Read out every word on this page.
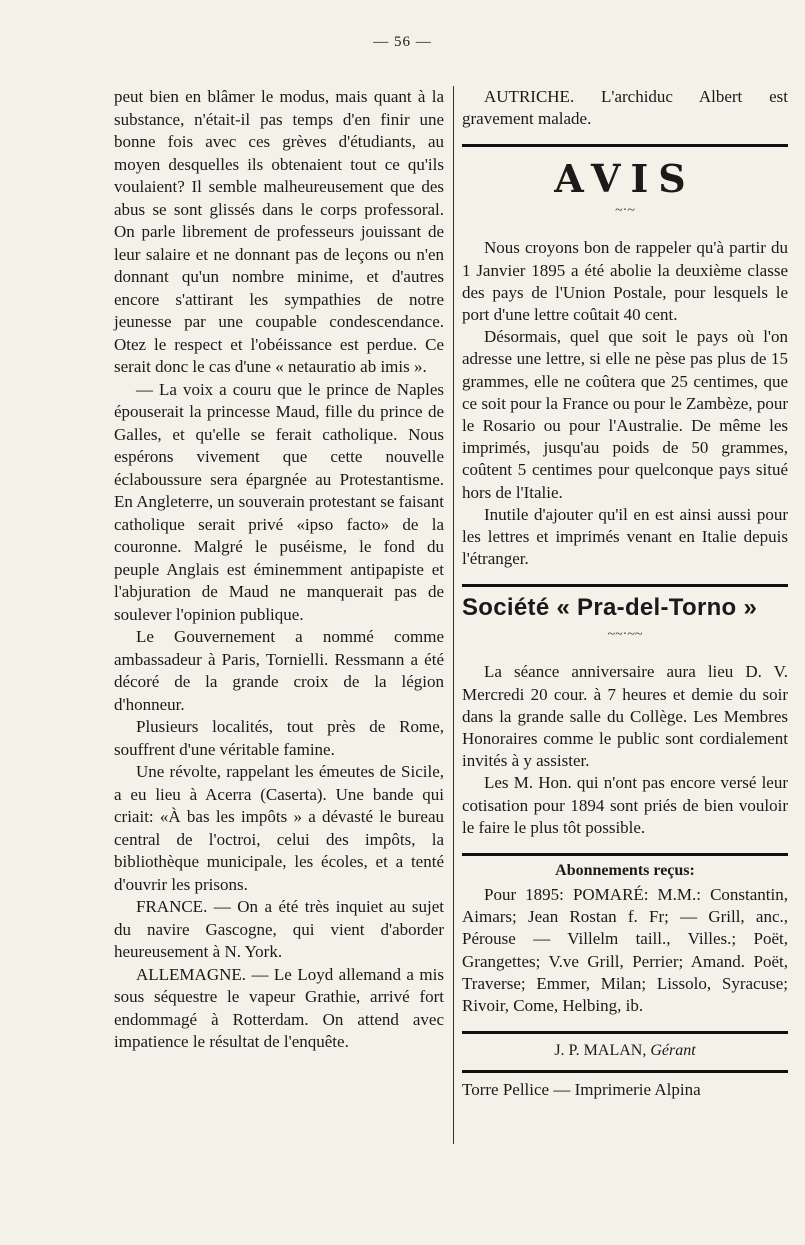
— 56 —

peut bien en blâmer le modus, mais quant à la substance, n'était-il pas temps d'en finir une bonne fois avec ces grèves d'étudiants, au moyen desquelles ils obtenaient tout ce qu'ils voulaient? Il semble malheureusement que des abus se sont glissés dans le corps professoral. On parle librement de professeurs jouissant de leur salaire et ne donnant pas de leçons ou n'en donnant qu'un nombre minime, et d'autres encore s'attirant les sympathies de notre jeunesse par une coupable condescendance. Otez le respect et l'obéissance est perdue. Ce serait donc le cas d'une « netauratio ab imis ».

— La voix a couru que le prince de Naples épouserait la princesse Maud, fille du prince de Galles, et qu'elle se ferait catholique. Nous espérons vivement que cette nouvelle éclaboussure sera épargnée au Protestantisme. En Angleterre, un souverain protestant se faisant catholique serait privé «ipso facto» de la couronne. Malgré le puséisme, le fond du peuple Anglais est éminemment antipapiste et l'abjuration de Maud ne manquerait pas de soulever l'opinion publique.

Le Gouvernement a nommé comme ambassadeur à Paris, Tornielli. Ressmann a été décoré de la grande croix de la légion d'honneur.

Plusieurs localités, tout près de Rome, souffrent d'une véritable famine.

Une révolte, rappelant les émeutes de Sicile, a eu lieu à Acerra (Caserta). Une bande qui criait: «À bas les impôts » a dévasté le bureau central de l'octroi, celui des impôts, la bibliothèque municipale, les écoles, et a tenté d'ouvrir les prisons.

FRANCE. — On a été très inquiet au sujet du navire Gascogne, qui vient d'aborder heureusement à N. York.

ALLEMAGNE. — Le Loyd allemand a mis sous séquestre le vapeur Grathie, arrivé fort endommagé à Rotterdam. On attend avec impatience le résultat de l'enquête.

AUTRICHE. L'archiduc Albert est gravement malade.

AVIS
~·~

Nous croyons bon de rappeler qu'à partir du 1 Janvier 1895 a été abolie la deuxième classe des pays de l'Union Postale, pour lesquels le port d'une lettre coûtait 40 cent.

Désormais, quel que soit le pays où l'on adresse une lettre, si elle ne pèse pas plus de 15 grammes, elle ne coûtera que 25 centimes, que ce soit pour la France ou pour le Zambèze, pour le Rosario ou pour l'Australie. De même les imprimés, jusqu'au poids de 50 grammes, coûtent 5 centimes pour quelconque pays situé hors de l'Italie.

Inutile d'ajouter qu'il en est ainsi aussi pour les lettres et imprimés venant en Italie depuis l'étranger.

Société « Pra-del-Torno »
~~·~~

La séance anniversaire aura lieu D. V. Mercredi 20 cour. à 7 heures et demie du soir dans la grande salle du Collège. Les Membres Honoraires comme le public sont cordialement invités à y assister.

Les M. Hon. qui n'ont pas encore versé leur cotisation pour 1894 sont priés de bien vouloir le faire le plus tôt possible.

Abonnements reçus:

Pour 1895: POMARÉ: M.M.: Constantin, Aimars; Jean Rostan f. Fr; — Grill, anc., Pérouse — Villelm taill., Villes.; Poët, Grangettes; V.ve Grill, Perrier; Amand. Poët, Traverse; Emmer, Milan; Lissolo, Syracuse; Rivoir, Come, Helbing, ib.

J. P. MALAN, Gérant
Torre Pellice — Imprimerie Alpina
